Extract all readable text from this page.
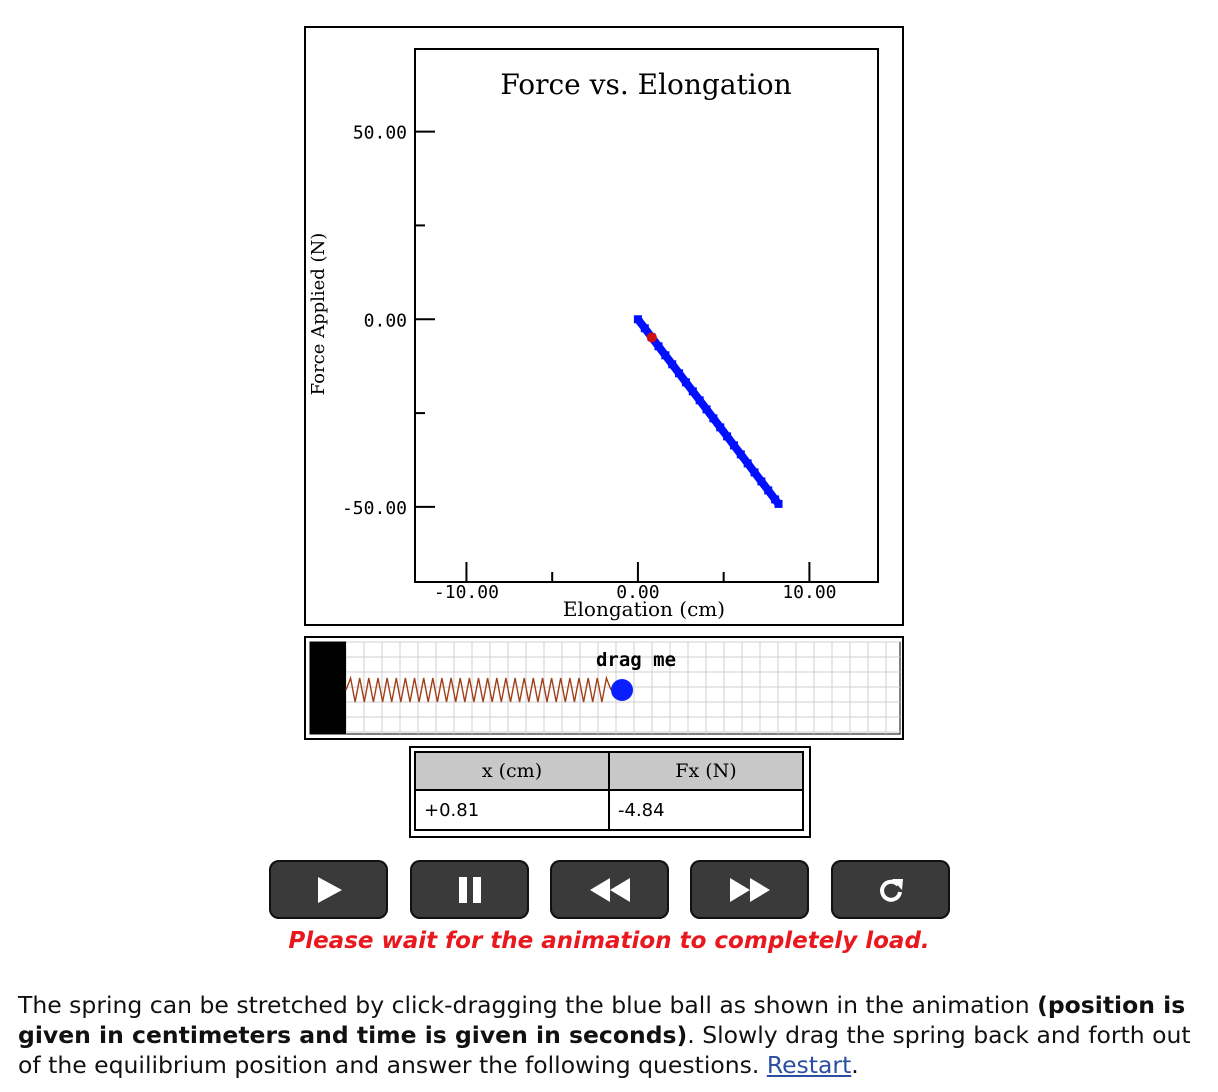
Force vs. Elongation
Force Applied (N)
Elongation (cm)
50.00
0.00
-50.00
-10.00	0.00	10.00
drag me
x (cm)	Fx (N)
+0.81	-4.84
Please wait for the animation to completely load.
The spring can be stretched by click-dragging the blue ball as shown in the animation (position is given in centimeters and time is given in seconds). Slowly drag the spring back and forth out of the equilibrium position and answer the following questions. Restart.
